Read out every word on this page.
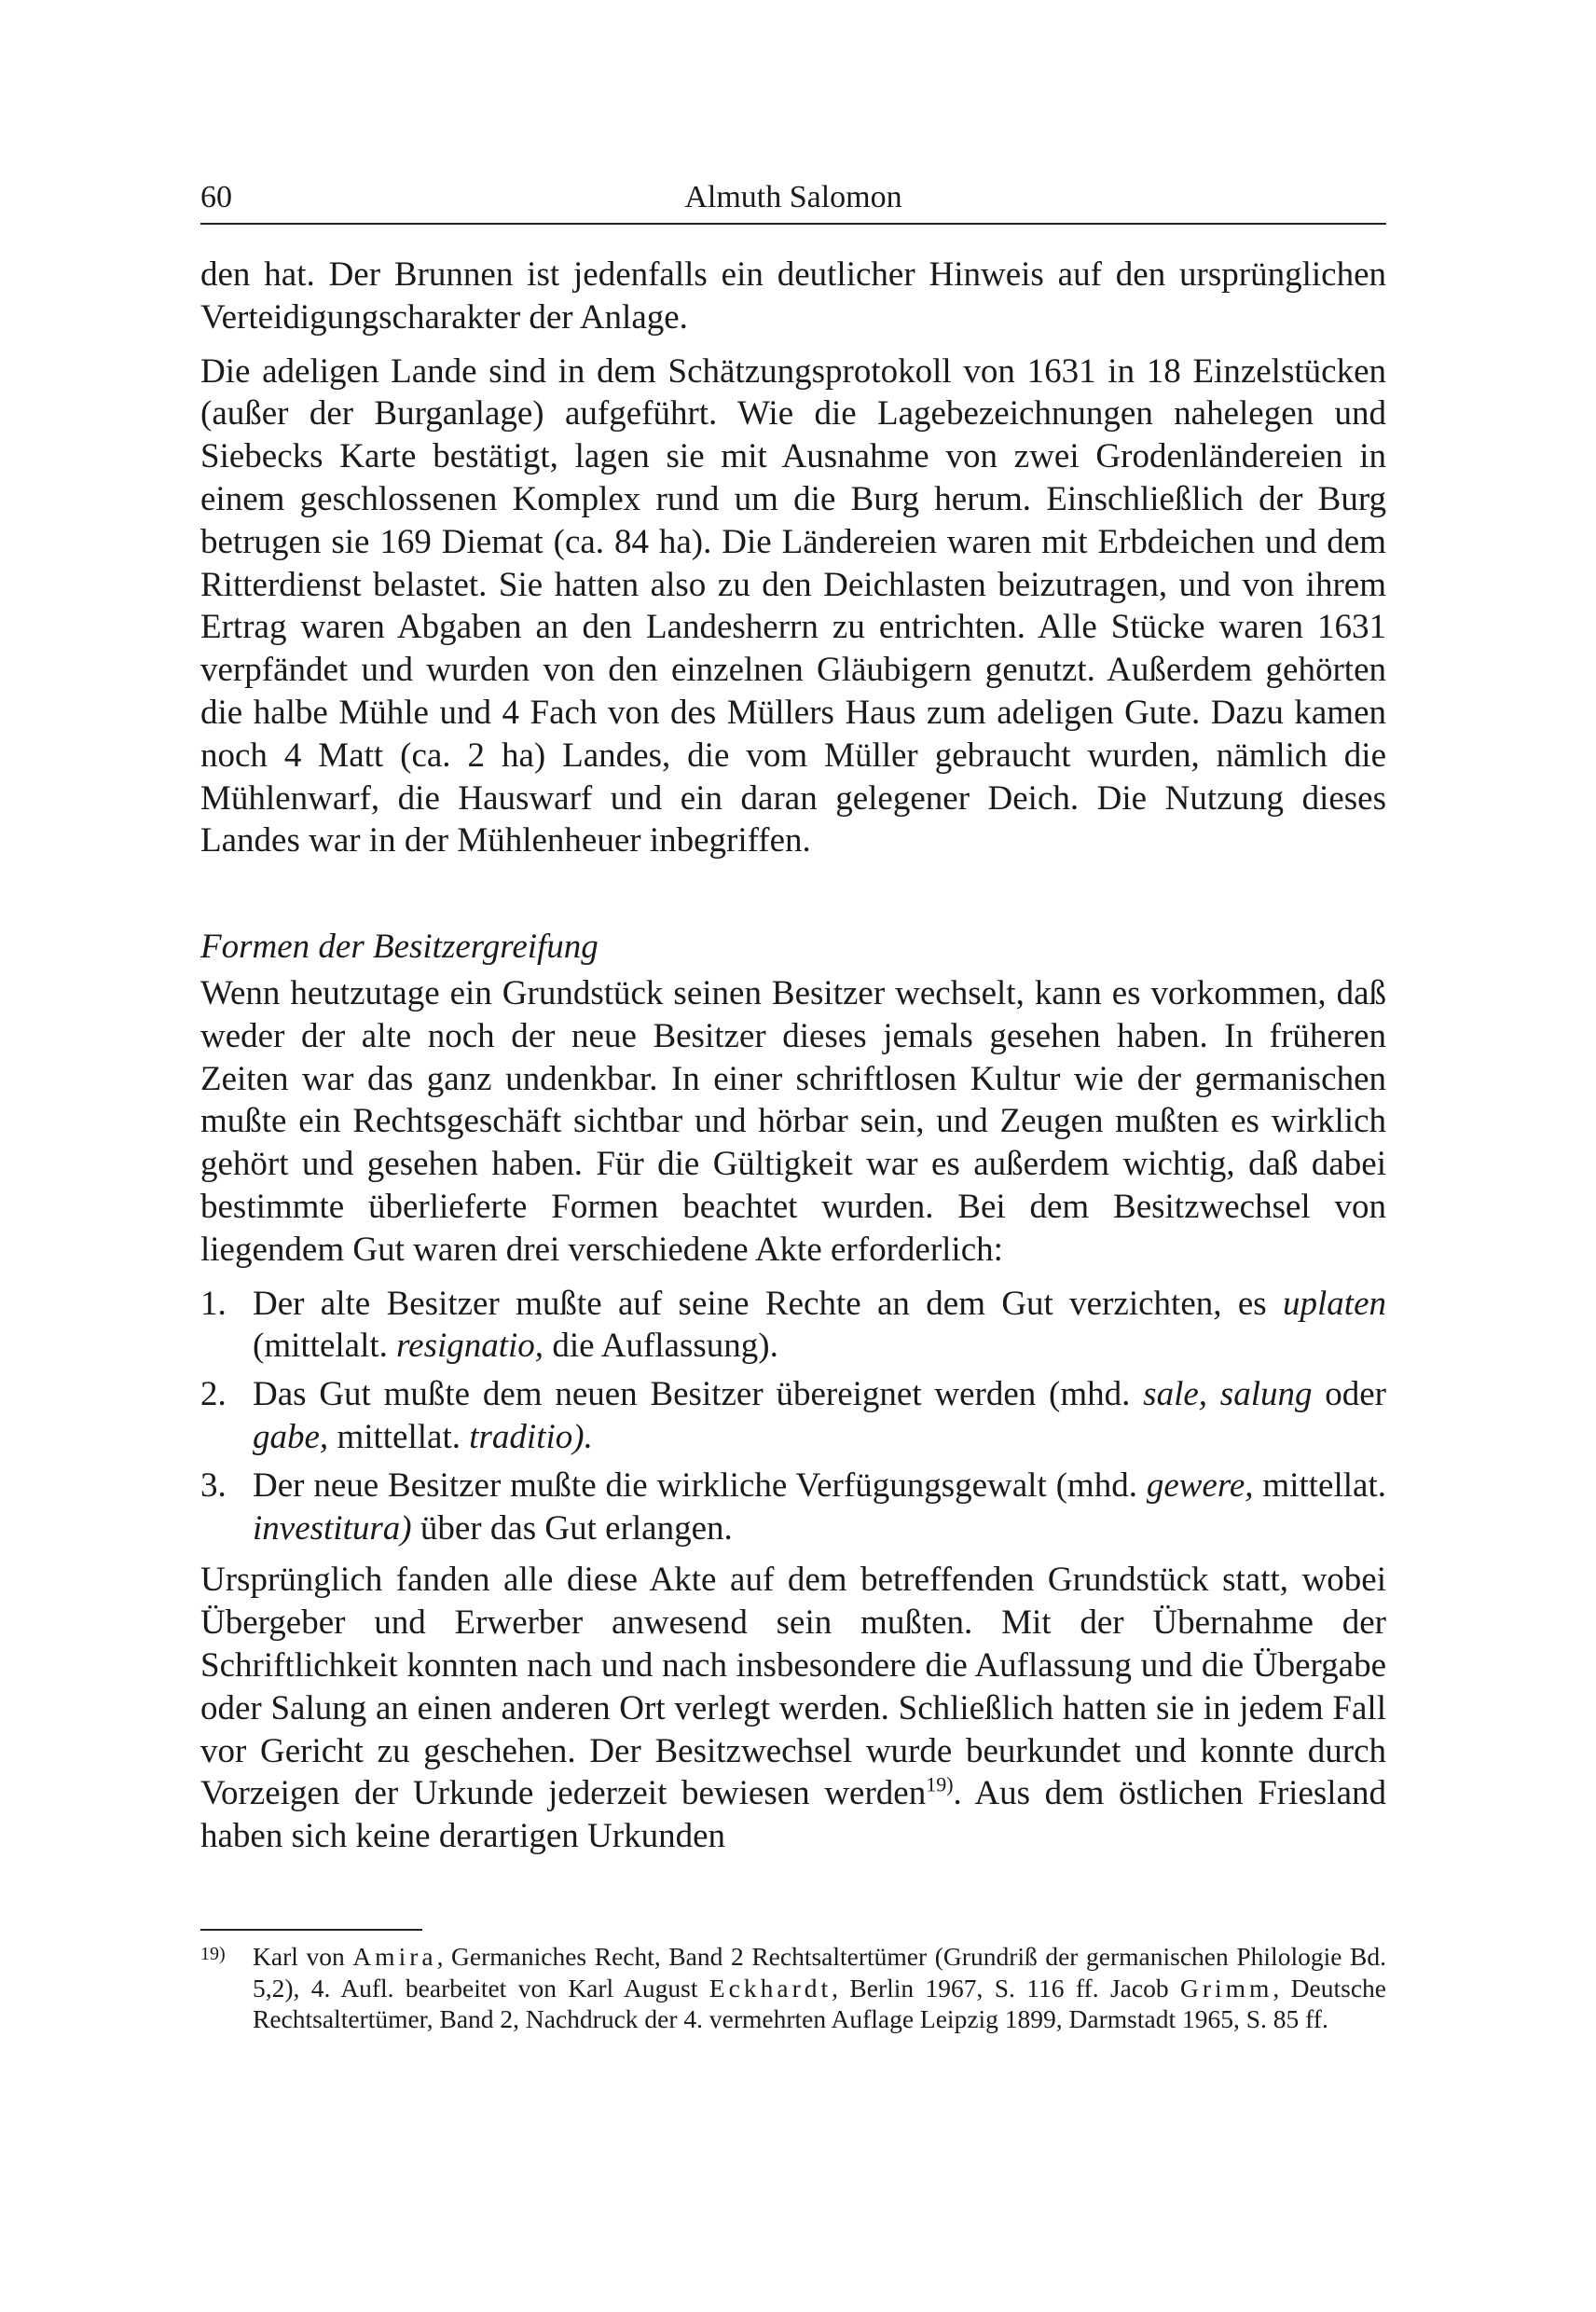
60	Almuth Salomon

den hat. Der Brunnen ist jedenfalls ein deutlicher Hinweis auf den ursprünglichen Verteidigungscharakter der Anlage.

Die adeligen Lande sind in dem Schätzungsprotokoll von 1631 in 18 Einzelstücken (außer der Burganlage) aufgeführt. Wie die Lagebezeichnungen nahelegen und Siebecks Karte bestätigt, lagen sie mit Ausnahme von zwei Grodenländereien in einem geschlossenen Komplex rund um die Burg herum. Einschließlich der Burg betrugen sie 169 Diemat (ca. 84 ha). Die Ländereien waren mit Erbdeichen und dem Ritterdienst belastet. Sie hatten also zu den Deichlasten beizutragen, und von ihrem Ertrag waren Abgaben an den Landesherrn zu entrichten. Alle Stücke waren 1631 verpfändet und wurden von den einzelnen Gläubigern genutzt. Außerdem gehörten die halbe Mühle und 4 Fach von des Müllers Haus zum adeligen Gute. Dazu kamen noch 4 Matt (ca. 2 ha) Landes, die vom Müller gebraucht wurden, nämlich die Mühlenwarf, die Hauswarf und ein daran gelegener Deich. Die Nutzung dieses Landes war in der Mühlenheuer inbegriffen.

Formen der Besitzergreifung

Wenn heutzutage ein Grundstück seinen Besitzer wechselt, kann es vorkommen, daß weder der alte noch der neue Besitzer dieses jemals gesehen haben. In früheren Zeiten war das ganz undenkbar. In einer schriftlosen Kultur wie der germanischen mußte ein Rechtsgeschäft sichtbar und hörbar sein, und Zeugen mußten es wirklich gehört und gesehen haben. Für die Gültigkeit war es außerdem wichtig, daß dabei bestimmte überlieferte Formen beachtet wurden. Bei dem Besitzwechsel von liegendem Gut waren drei verschiedene Akte erforderlich:

1. Der alte Besitzer mußte auf seine Rechte an dem Gut verzichten, es uplaten (mittelalt. resignatio, die Auflassung).
2. Das Gut mußte dem neuen Besitzer übereignet werden (mhd. sale, salung oder gabe, mittellat. traditio).
3. Der neue Besitzer mußte die wirkliche Verfügungsgewalt (mhd. gewere, mittellat. investitura) über das Gut erlangen.

Ursprünglich fanden alle diese Akte auf dem betreffenden Grundstück statt, wobei Übergeber und Erwerber anwesend sein mußten. Mit der Übernahme der Schriftlichkeit konnten nach und nach insbesondere die Auflassung und die Übergabe oder Salung an einen anderen Ort verlegt werden. Schließlich hatten sie in jedem Fall vor Gericht zu geschehen. Der Besitzwechsel wurde beurkundet und konnte durch Vorzeigen der Urkunde jederzeit bewiesen werden$^{19)}$. Aus dem östlichen Friesland haben sich keine derartigen Urkunden

19) Karl von Amira, Germaniches Recht, Band 2 Rechtsaltertümer (Grundriß der germanischen Philologie Bd. 5,2), 4. Aufl. bearbeitet von Karl August Eckhardt, Berlin 1967, S. 116 ff. Jacob Grimm, Deutsche Rechtsaltertümer, Band 2, Nachdruck der 4. vermehrten Auflage Leipzig 1899, Darmstadt 1965, S. 85 ff.
